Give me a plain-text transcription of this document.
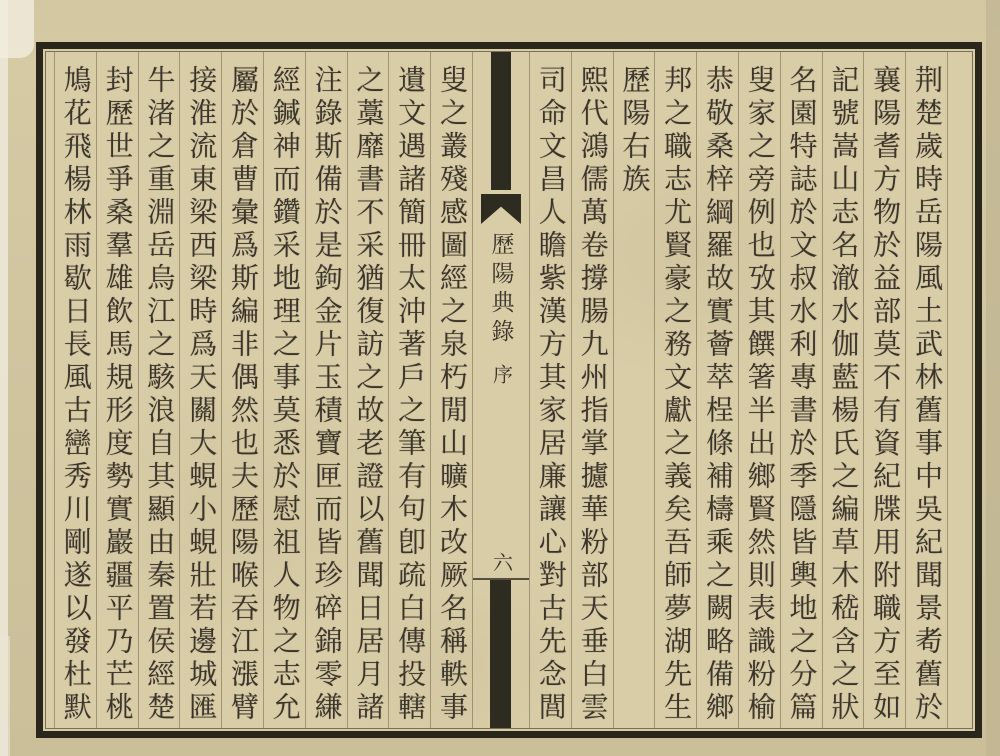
鳩花飛楊林雨歇日長風古巒秀川剛遂以發杜默 封歷世爭桑羣雄飲馬規形度勢實巖疆平乃芒桃 牛渚之重淵岳烏江之駭浪自其顯由秦置侯經楚 接淮流東梁西梁時爲天關大蜆小蜆壯若邊城匯 屬於倉曹彙爲斯編非偶然也夫歷陽喉吞江漲臂 經鍼神而鑽采地理之事莫悉於慰祖人物之志允 注錄斯備於是鉤金片玉積寶匣而皆珍碎錦零縑 之藁靡書不采猶復訪之故老證以舊聞日居月諸 遺文遇諸簡冊太沖著戶之筆有句卽疏白傳投轄 叟之叢殘感圖經之泉朽閒山曠木改厥名稱軼事 歷陽典錄
序
六 司命文昌人瞻紫漢方其家居廉讓心對古先念閭 熙代鴻儒萬卷撐腸九州指掌攄華粉部天垂白雲 歷陽右族 邦之職志尤賢豪之務文獻之義矣吾師夢湖先生 恭敬桑梓綱羅故實薈萃桯條補檮乘之闕略備鄉 叟家之旁例也攷其饌箸半出鄉賢然則表識粉榆 名園特誌於文叔水利專書於季隱皆輿地之分篇 記號嵩山志名澈水伽藍楊氏之編草木嵇含之狀 襄陽耆方物於益部莫不有資紀牒用附職方至如 荆楚歲時岳陽風土武林舊事中吳紀聞景耇舊於
